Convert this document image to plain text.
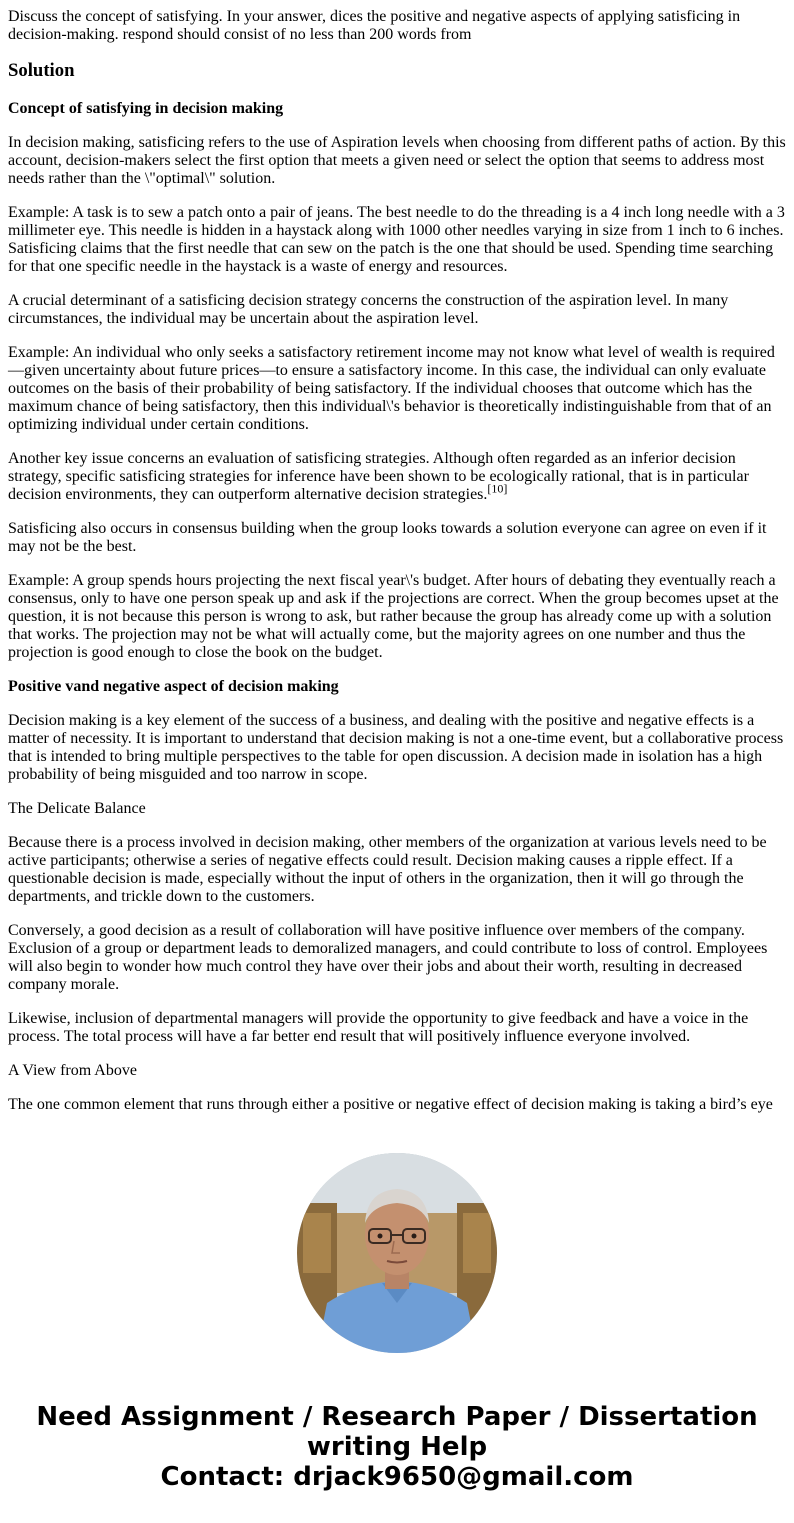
Discuss the concept of satisfying. In your answer, dices the positive and negative aspects of applying satisficing in decision-making. respond should consist of no less than 200 words from

Solution

Concept of satisfying in decision making

In decision making, satisficing refers to the use of Aspiration levels when choosing from different paths of action. By this account, decision-makers select the first option that meets a given need or select the option that seems to address most needs rather than the \"optimal\" solution.

Example: A task is to sew a patch onto a pair of jeans. The best needle to do the threading is a 4 inch long needle with a 3 millimeter eye. This needle is hidden in a haystack along with 1000 other needles varying in size from 1 inch to 6 inches. Satisficing claims that the first needle that can sew on the patch is the one that should be used. Spending time searching for that one specific needle in the haystack is a waste of energy and resources.

A crucial determinant of a satisficing decision strategy concerns the construction of the aspiration level. In many circumstances, the individual may be uncertain about the aspiration level.

Example: An individual who only seeks a satisfactory retirement income may not know what level of wealth is required—given uncertainty about future prices—to ensure a satisfactory income. In this case, the individual can only evaluate outcomes on the basis of their probability of being satisfactory. If the individual chooses that outcome which has the maximum chance of being satisfactory, then this individual\'s behavior is theoretically indistinguishable from that of an optimizing individual under certain conditions.

Another key issue concerns an evaluation of satisficing strategies. Although often regarded as an inferior decision strategy, specific satisficing strategies for inference have been shown to be ecologically rational, that is in particular decision environments, they can outperform alternative decision strategies.[10]

Satisficing also occurs in consensus building when the group looks towards a solution everyone can agree on even if it may not be the best.

Example: A group spends hours projecting the next fiscal year\'s budget. After hours of debating they eventually reach a consensus, only to have one person speak up and ask if the projections are correct. When the group becomes upset at the question, it is not because this person is wrong to ask, but rather because the group has already come up with a solution that works. The projection may not be what will actually come, but the majority agrees on one number and thus the projection is good enough to close the book on the budget.

Positive vand negative aspect of decision making

Decision making is a key element of the success of a business, and dealing with the positive and negative effects is a matter of necessity. It is important to understand that decision making is not a one-time event, but a collaborative process that is intended to bring multiple perspectives to the table for open discussion. A decision made in isolation has a high probability of being misguided and too narrow in scope.

The Delicate Balance

Because there is a process involved in decision making, other members of the organization at various levels need to be active participants; otherwise a series of negative effects could result. Decision making causes a ripple effect. If a questionable decision is made, especially without the input of others in the organization, then it will go through the departments, and trickle down to the customers.

Conversely, a good decision as a result of collaboration will have positive influence over members of the company. Exclusion of a group or department leads to demoralized managers, and could contribute to loss of control. Employees will also begin to wonder how much control they have over their jobs and about their worth, resulting in decreased company morale.

Likewise, inclusion of departmental managers will provide the opportunity to give feedback and have a voice in the process. The total process will have a far better end result that will positively influence everyone involved.

A View from Above

The one common element that runs through either a positive or negative effect of decision making is taking a bird’s eye

Need Assignment / Research Paper / Dissertation
writing Help
Contact: drjack9650@gmail.com
